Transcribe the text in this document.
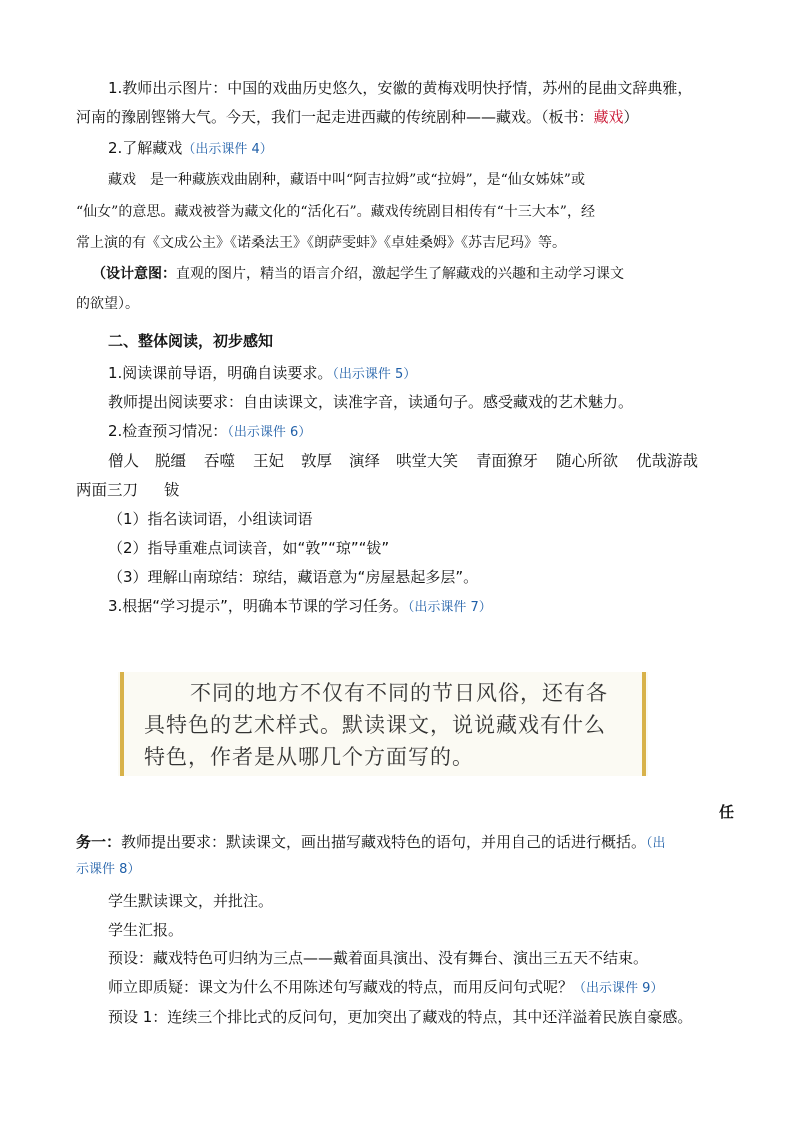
1.教师出示图片：中国的戏曲历史悠久，安徽的黄梅戏明快抒情，苏州的昆曲文辞典雅，
河南的豫剧铿锵大气。今天，我们一起走进西藏的传统剧种——藏戏。（板书：藏戏）
2.了解藏戏（出示课件 4）
藏戏　是一种藏族戏曲剧种，藏语中叫“阿吉拉姆”或“拉姆”，是“仙女姊妹”或
“仙女”的意思。藏戏被誉为藏文化的“活化石”。藏戏传统剧目相传有“十三大本”，经
常上演的有《文成公主》《诺桑法王》《朗萨雯蚌》《卓娃桑姆》《苏吉尼玛》等。
（设计意图：直观的图片，精当的语言介绍，激起学生了解藏戏的兴趣和主动学习课文
的欲望）。
二、整体阅读，初步感知
1.阅读课前导语，明确自读要求。（出示课件 5）
教师提出阅读要求：自由读课文，读准字音，读通句子。感受藏戏的艺术魅力。
2.检查预习情况：（出示课件 6）
僧人 脱缰 吞噬 王妃 敦厚 演绎 哄堂大笑 青面獠牙 随心所欲 优哉游哉
两面三刀 钹
（1）指名读词语，小组读词语
（2）指导重难点词读音，如“敦”“琼”“钹”
（3）理解山南琼结：琼结，藏语意为“房屋悬起多层”。
3.根据“学习提示”，明确本节课的学习任务。（出示课件 7）
不同的地方不仅有不同的节日风俗，还有各
具特色的艺术样式。默读课文，说说藏戏有什么
特色，作者是从哪几个方面写的。
任
务一：教师提出要求：默读课文，画出描写藏戏特色的语句，并用自己的话进行概括。（出
示课件 8）
学生默读课文，并批注。
学生汇报。
预设：藏戏特色可归纳为三点——戴着面具演出、没有舞台、演出三五天不结束。
师立即质疑：课文为什么不用陈述句写藏戏的特点，而用反问句式呢？（出示课件 9）
预设 1：连续三个排比式的反问句，更加突出了藏戏的特点，其中还洋溢着民族自豪感。
